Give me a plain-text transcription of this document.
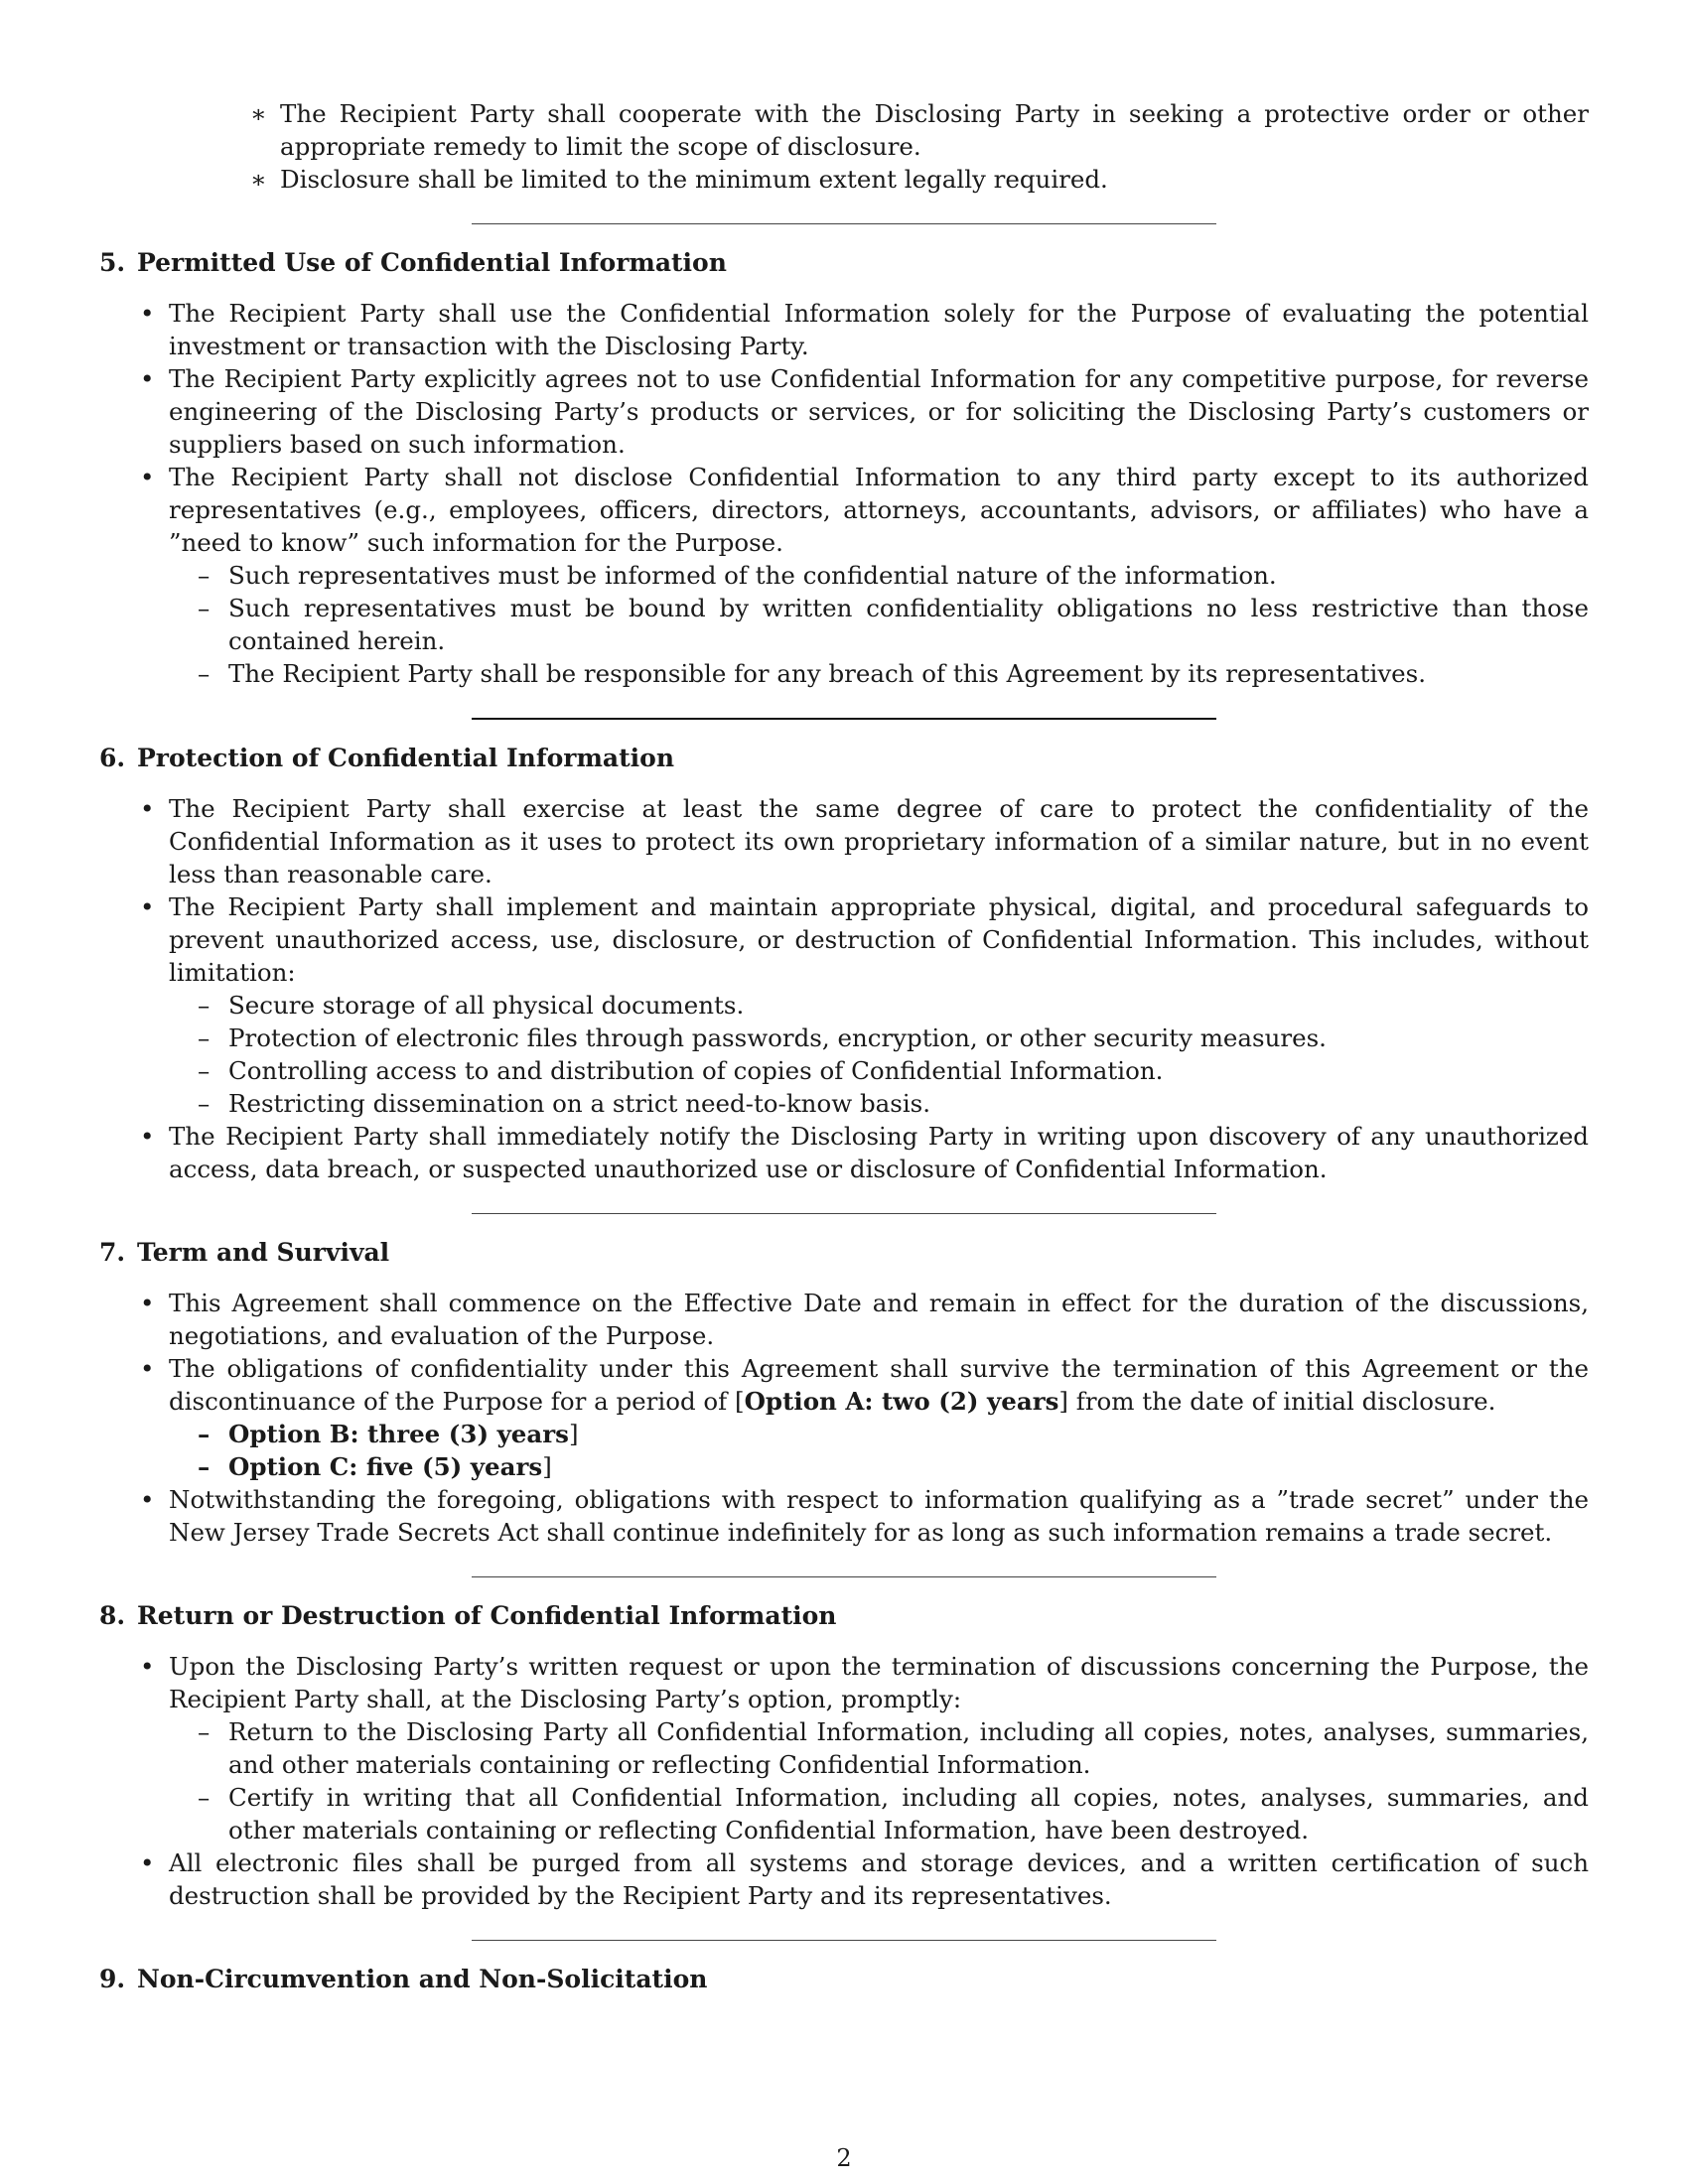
∗ The Recipient Party shall cooperate with the Disclosing Party in seeking a protective order or other appropriate remedy to limit the scope of disclosure.
∗ Disclosure shall be limited to the minimum extent legally required.
5. Permitted Use of Confidential Information
• The Recipient Party shall use the Confidential Information solely for the Purpose of evaluating the potential investment or transaction with the Disclosing Party.
• The Recipient Party explicitly agrees not to use Confidential Information for any competitive purpose, for reverse engineering of the Disclosing Party’s products or services, or for soliciting the Disclosing Party’s customers or suppliers based on such information.
• The Recipient Party shall not disclose Confidential Information to any third party except to its authorized representatives (e.g., employees, officers, directors, attorneys, accountants, advisors, or affiliates) who have a ”need to know” such information for the Purpose.
– Such representatives must be informed of the confidential nature of the information.
– Such representatives must be bound by written confidentiality obligations no less restrictive than those contained herein.
– The Recipient Party shall be responsible for any breach of this Agreement by its representatives.
6. Protection of Confidential Information
• The Recipient Party shall exercise at least the same degree of care to protect the confidentiality of the Confidential Information as it uses to protect its own proprietary information of a similar nature, but in no event less than reasonable care.
• The Recipient Party shall implement and maintain appropriate physical, digital, and procedural safeguards to prevent unauthorized access, use, disclosure, or destruction of Confidential Information. This includes, without limitation:
– Secure storage of all physical documents.
– Protection of electronic files through passwords, encryption, or other security measures.
– Controlling access to and distribution of copies of Confidential Information.
– Restricting dissemination on a strict need-to-know basis.
• The Recipient Party shall immediately notify the Disclosing Party in writing upon discovery of any unauthorized access, data breach, or suspected unauthorized use or disclosure of Confidential Information.
7. Term and Survival
• This Agreement shall commence on the Effective Date and remain in effect for the duration of the discussions, negotiations, and evaluation of the Purpose.
• The obligations of confidentiality under this Agreement shall survive the termination of this Agreement or the discontinuance of the Purpose for a period of [Option A: two (2) years] from the date of initial disclosure.
– Option B: three (3) years]
– Option C: five (5) years]
• Notwithstanding the foregoing, obligations with respect to information qualifying as a ”trade secret” under the New Jersey Trade Secrets Act shall continue indefinitely for as long as such information remains a trade secret.
8. Return or Destruction of Confidential Information
• Upon the Disclosing Party’s written request or upon the termination of discussions concerning the Purpose, the Recipient Party shall, at the Disclosing Party’s option, promptly:
– Return to the Disclosing Party all Confidential Information, including all copies, notes, analyses, summaries, and other materials containing or reflecting Confidential Information.
– Certify in writing that all Confidential Information, including all copies, notes, analyses, summaries, and other materials containing or reflecting Confidential Information, have been destroyed.
• All electronic files shall be purged from all systems and storage devices, and a written certification of such destruction shall be provided by the Recipient Party and its representatives.
9. Non-Circumvention and Non-Solicitation
2
